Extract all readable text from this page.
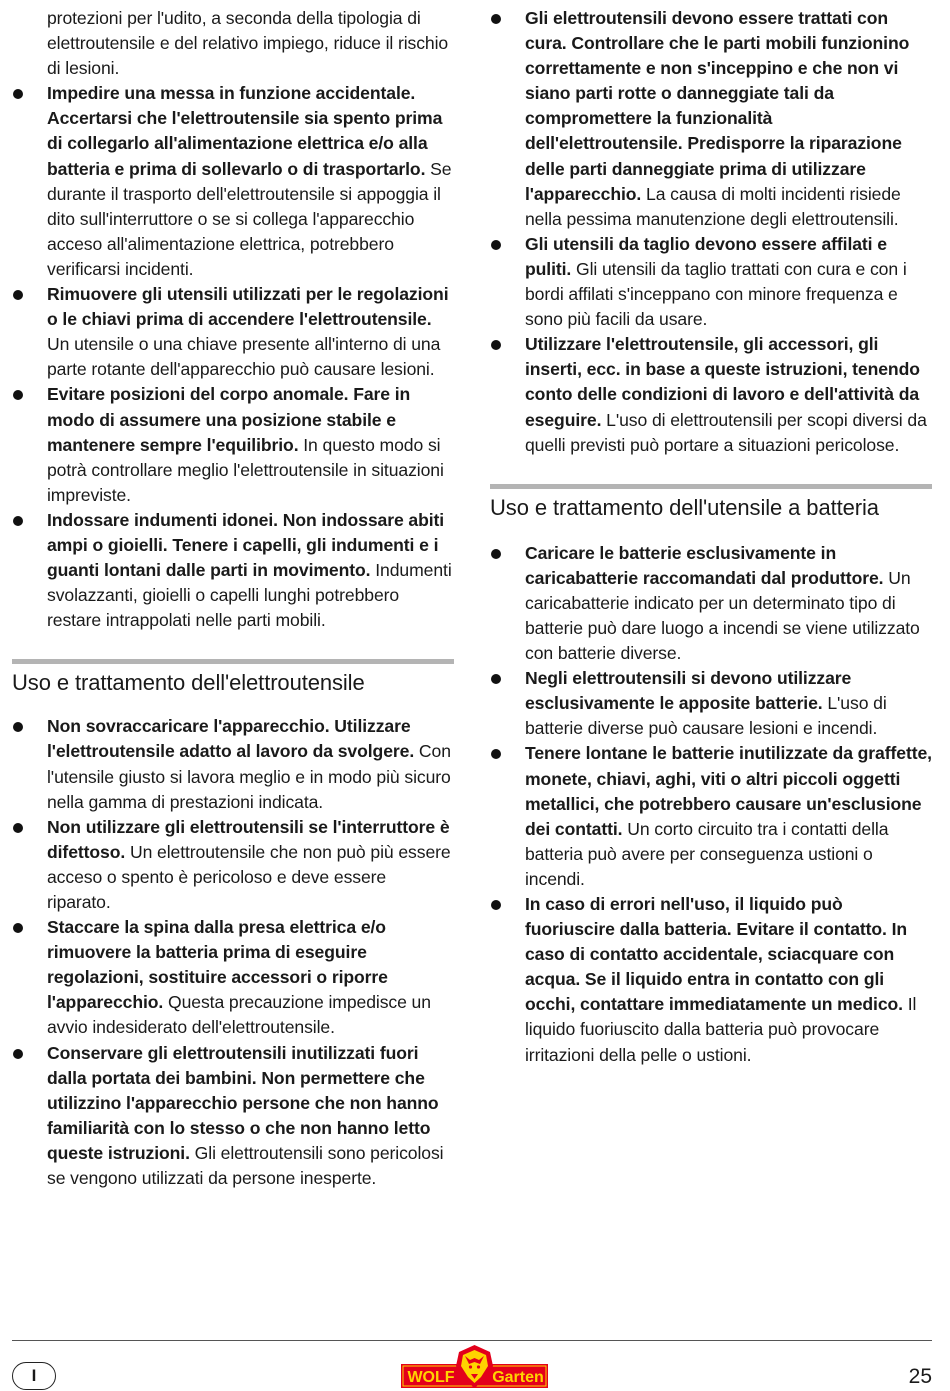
protezioni per l'udito, a seconda della tipologia di elettroutensile e del relativo impiego, riduce il rischio di lesioni.

Impedire una messa in funzione accidentale. Accertarsi che l'elettroutensile sia spento prima di collegarlo all'alimentazione elettrica e/o alla batteria e prima di sollevarlo o di trasportarlo. Se durante il trasporto dell'elettroutensile si appoggia il dito sull'interruttore o se si collega l'apparecchio acceso all'alimentazione elettrica, potrebbero verificarsi incidenti.
Rimuovere gli utensili utilizzati per le regolazioni o le chiavi prima di accendere l'elettroutensile. Un utensile o una chiave presente all'interno di una parte rotante dell'apparecchio può causare lesioni.
Evitare posizioni del corpo anomale. Fare in modo di assumere una posizione stabile e mantenere sempre l'equilibrio. In questo modo si potrà controllare meglio l'elettroutensile in situazioni impreviste.
Indossare indumenti idonei. Non indossare abiti ampi o gioielli. Tenere i capelli, gli indumenti e i guanti lontani dalle parti in movimento. Indumenti svolazzanti, gioielli o capelli lunghi potrebbero restare intrappolati nelle parti mobili.
Uso e trattamento dell'elettroutensile
Non sovraccaricare l'apparecchio. Utilizzare l'elettroutensile adatto al lavoro da svolgere. Con l'utensile giusto si lavora meglio e in modo più sicuro nella gamma di prestazioni indicata.
Non utilizzare gli elettroutensili se l'interruttore è difettoso. Un elettroutensile che non può più essere acceso o spento è pericoloso e deve essere riparato.
Staccare la spina dalla presa elettrica e/o rimuovere la batteria prima di eseguire regolazioni, sostituire accessori o riporre l'apparecchio. Questa precauzione impedisce un avvio indesiderato dell'elettroutensile.
Conservare gli elettroutensili inutilizzati fuori dalla portata dei bambini. Non permettere che utilizzino l'apparecchio persone che non hanno familiarità con lo stesso o che non hanno letto queste istruzioni. Gli elettroutensili sono pericolosi se vengono utilizzati da persone inesperte.
Gli elettroutensili devono essere trattati con cura. Controllare che le parti mobili funzionino correttamente e non s'inceppino e che non vi siano parti rotte o danneggiate tali da compromettere la funzionalità dell'elettroutensile. Predisporre la riparazione delle parti danneggiate prima di utilizzare l'apparecchio. La causa di molti incidenti risiede nella pessima manutenzione degli elettroutensili.
Gli utensili da taglio devono essere affilati e puliti. Gli utensili da taglio trattati con cura e con i bordi affilati s'inceppano con minore frequenza e sono più facili da usare.
Utilizzare l'elettroutensile, gli accessori, gli inserti, ecc. in base a queste istruzioni, tenendo conto delle condizioni di lavoro e dell'attività da eseguire. L'uso di elettroutensili per scopi diversi da quelli previsti può portare a situazioni pericolose.
Uso e trattamento dell'utensile a batteria
Caricare le batterie esclusivamente in caricabatterie raccomandati dal produttore. Un caricabatterie indicato per un determinato tipo di batterie può dare luogo a incendi se viene utilizzato con batterie diverse.
Negli elettroutensili si devono utilizzare esclusivamente le apposite batterie. L'uso di batterie diverse può causare lesioni e incendi.
Tenere lontane le batterie inutilizzate da graffette, monete, chiavi, aghi, viti o altri piccoli oggetti metallici, che potrebbero causare un'esclusione dei contatti. Un corto circuito tra i contatti della batteria può avere per conseguenza ustioni o incendi.
In caso di errori nell'uso, il liquido può fuoriuscire dalla batteria. Evitare il contatto. In caso di contatto accidentale, sciacquare con acqua. Se il liquido entra in contatto con gli occhi, contattare immediatamente un medico. Il liquido fuoriuscito dalla batteria può provocare irritazioni della pelle o ustioni.
I	WOLF Garten	25
